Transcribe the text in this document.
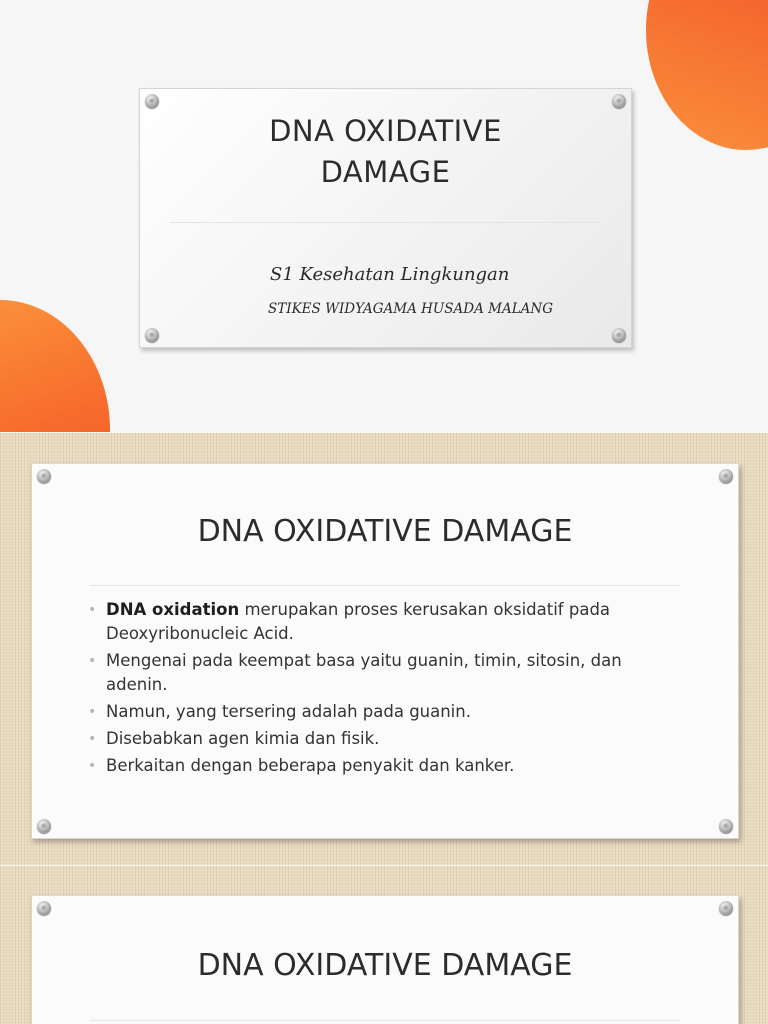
DNA OXIDATIVE
DAMAGE
S1 Kesehatan Lingkungan
STIKES WIDYAGAMA HUSADA MALANG
DNA OXIDATIVE DAMAGE
• DNA oxidation merupakan proses kerusakan oksidatif pada Deoxyribonucleic Acid.
• Mengenai pada keempat basa yaitu guanin, timin, sitosin, dan adenin.
• Namun, yang tersering adalah pada guanin.
• Disebabkan agen kimia dan fisik.
• Berkaitan dengan beberapa penyakit dan kanker.
DNA OXIDATIVE DAMAGE
